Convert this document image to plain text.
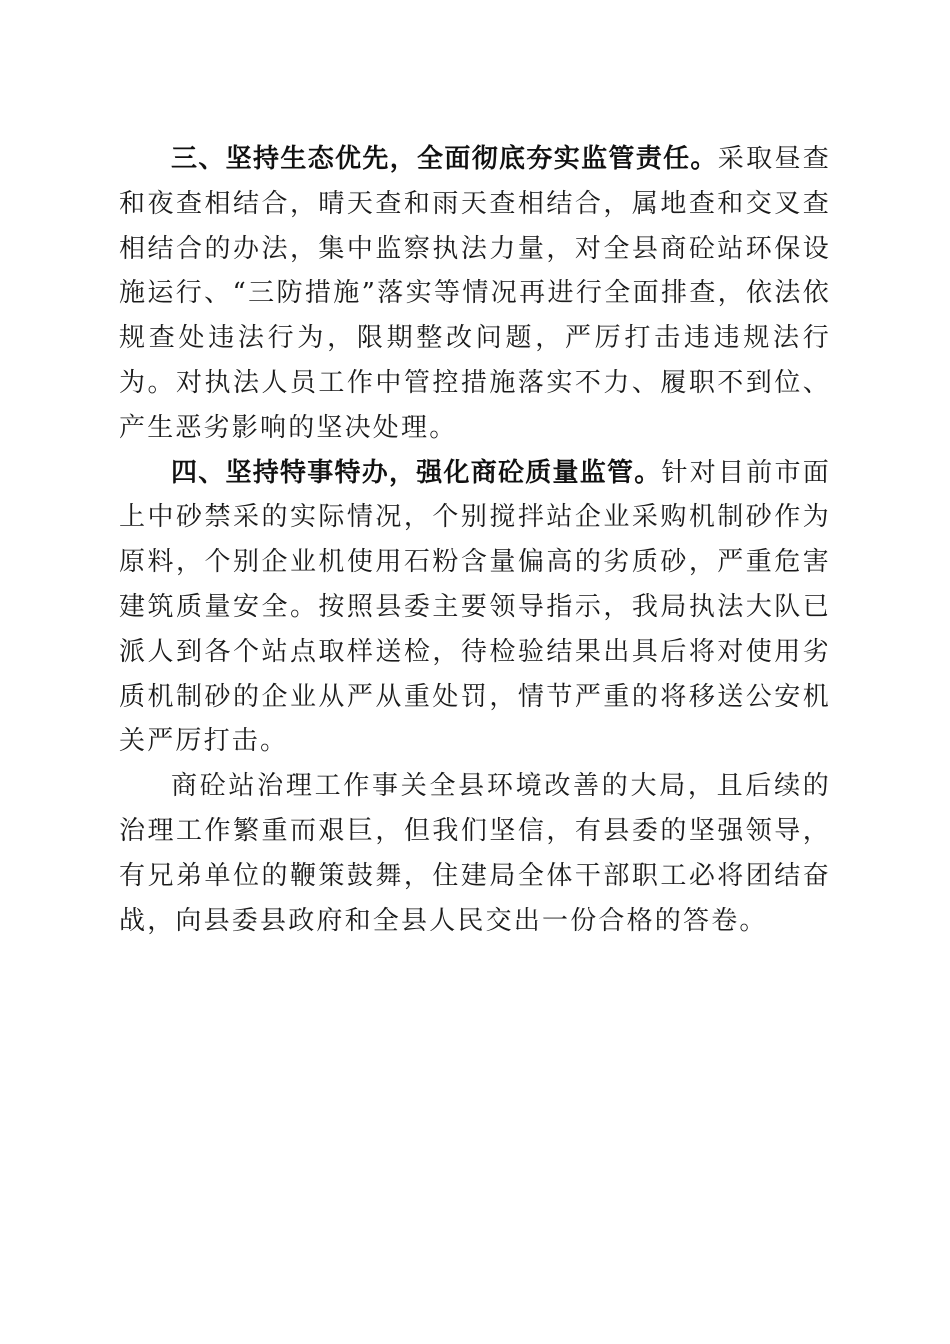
三、坚持生态优先，全面彻底夯实监管责任。采取昼查和夜查相结合，晴天查和雨天查相结合，属地查和交叉查相结合的办法，集中监察执法力量，对全县商砼站环保设施运行、“三防措施”落实等情况再进行全面排查，依法依规查处违法行为，限期整改问题，严厉打击违违规法行为。对执法人员工作中管控措施落实不力、履职不到位、产生恶劣影响的坚决处理。

四、坚持特事特办，强化商砼质量监管。针对目前市面上中砂禁采的实际情况，个别搅拌站企业采购机制砂作为原料，个别企业机使用石粉含量偏高的劣质砂，严重危害建筑质量安全。按照县委主要领导指示，我局执法大队已派人到各个站点取样送检，待检验结果出具后将对使用劣质机制砂的企业从严从重处罚，情节严重的将移送公安机关严厉打击。

商砼站治理工作事关全县环境改善的大局，且后续的治理工作繁重而艰巨，但我们坚信，有县委的坚强领导，有兄弟单位的鞭策鼓舞，住建局全体干部职工必将团结奋战，向县委县政府和全县人民交出一份合格的答卷。
